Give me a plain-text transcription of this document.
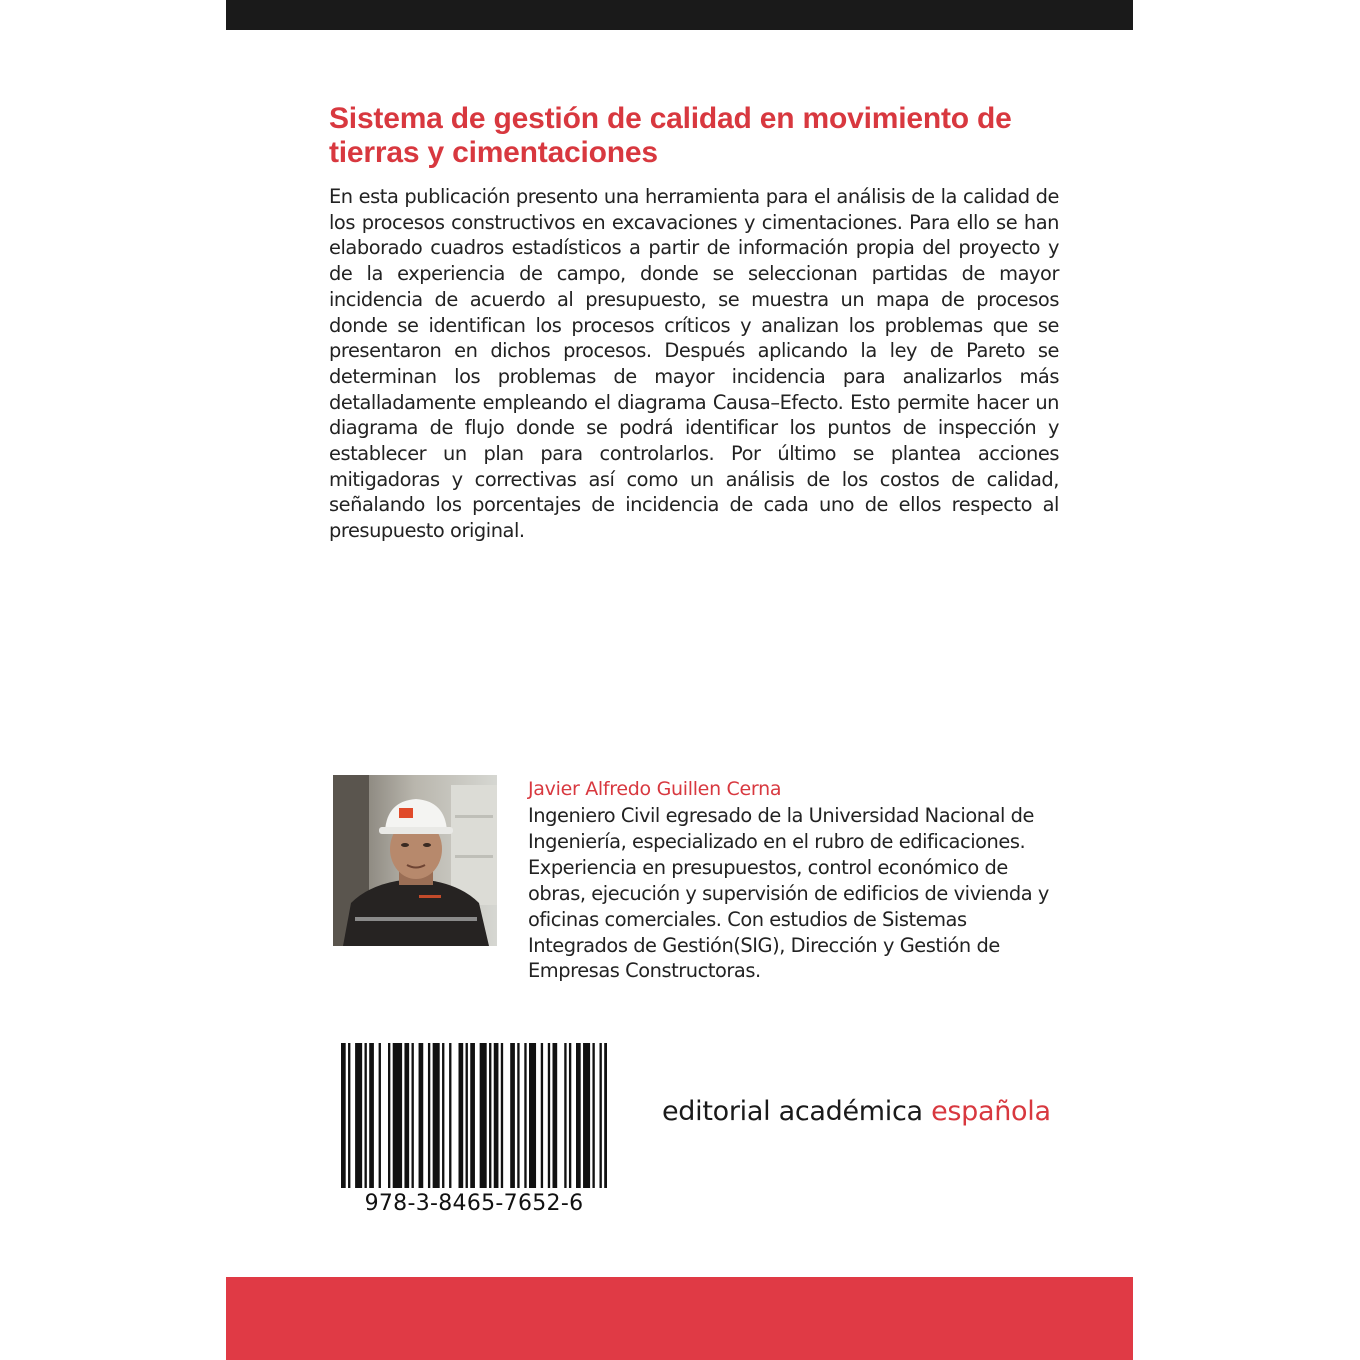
Sistema de gestión de calidad en movimiento de tierras y cimentaciones

En esta publicación presento una herramienta para el análisis de la calidad de los procesos constructivos en excavaciones y cimentaciones. Para ello se han elaborado cuadros estadísticos a partir de información propia del proyecto y de la experiencia de campo, donde se seleccionan partidas de mayor incidencia de acuerdo al presupuesto, se muestra un mapa de procesos donde se identifican los procesos críticos y analizan los problemas que se presentaron en dichos procesos. Después aplicando la ley de Pareto se determinan los problemas de mayor incidencia para analizarlos más detalladamente empleando el diagrama Causa–Efecto. Esto permite hacer un diagrama de flujo donde se podrá identificar los puntos de inspección y establecer un plan para controlarlos. Por último se plantea acciones mitigadoras y correctivas así como un análisis de los costos de calidad, señalando los porcentajes de incidencia de cada uno de ellos respecto al presupuesto original.

Javier Alfredo Guillen Cerna

Ingeniero Civil egresado de la Universidad Nacional de Ingeniería, especializado en el rubro de edificaciones. Experiencia en presupuestos, control económico de obras, ejecución y supervisión de edificios de vivienda y oficinas comerciales. Con estudios de Sistemas Integrados de Gestión(SIG), Dirección y Gestión de Empresas Constructoras.

978-3-8465-7652-6

editorial académica española
